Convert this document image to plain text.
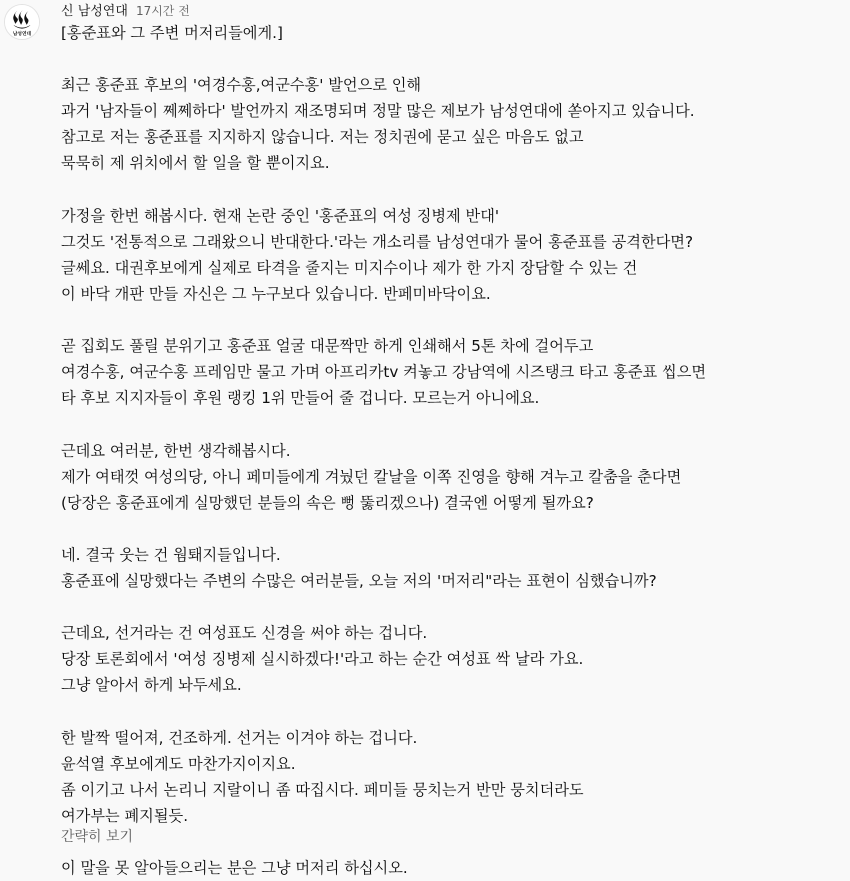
남성연대
신 남성연대 17시간 전
[홍준표와 그 주변 머저리들에게.]
최근 홍준표 후보의 '여경수홍,여군수홍' 발언으로 인해
과거 '남자들이 쩨쩨하다' 발언까지 재조명되며 정말 많은 제보가 남성연대에 쏟아지고 있습니다.
참고로 저는 홍준표를 지지하지 않습니다. 저는 정치권에 묻고 싶은 마음도 없고
묵묵히 제 위치에서 할 일을 할 뿐이지요.
가정을 한번 해봅시다. 현재 논란 중인 '홍준표의 여성 징병제 반대'
그것도 '전통적으로 그래왔으니 반대한다.'라는 개소리를 남성연대가 물어 홍준표를 공격한다면?
글쎄요. 대권후보에게 실제로 타격을 줄지는 미지수이나 제가 한 가지 장담할 수 있는 건
이 바닥 개판 만들 자신은 그 누구보다 있습니다. 반페미바닥이요.
곧 집회도 풀릴 분위기고 홍준표 얼굴 대문짝만 하게 인쇄해서 5톤 차에 걸어두고
여경수홍, 여군수홍 프레임만 물고 가며 아프리카tv 켜놓고 강남역에 시즈탱크 타고 홍준표 씹으면
타 후보 지지자들이 후원 랭킹 1위 만들어 줄 겁니다. 모르는거 아니에요.
근데요 여러분, 한번 생각해봅시다.
제가 여태껏 여성의당, 아니 페미들에게 겨눴던 칼날을 이쪽 진영을 향해 겨누고 칼춤을 춘다면
(당장은 홍준표에게 실망했던 분들의 속은 뻥 뚫리겠으나) 결국엔 어떻게 될까요?
네. 결국 웃는 건 웜퇘지들입니다.
홍준표에 실망했다는 주변의 수많은 여러분들, 오늘 저의 '머저리"라는 표현이 심했습니까?
근데요, 선거라는 건 여성표도 신경을 써야 하는 겁니다.
당장 토론회에서 '여성 징병제 실시하겠다!'라고 하는 순간 여성표 싹 날라 가요.
그냥 알아서 하게 놔두세요.
한 발짝 떨어져, 건조하게. 선거는 이겨야 하는 겁니다.
윤석열 후보에게도 마찬가지이지요.
좀 이기고 나서 논리니 지랄이니 좀 따집시다. 페미들 뭉치는거 반만 뭉치더라도
여가부는 폐지될듯.
이 말을 못 알아들으리는 분은 그냥 머저리 하십시오.
간략히 보기
